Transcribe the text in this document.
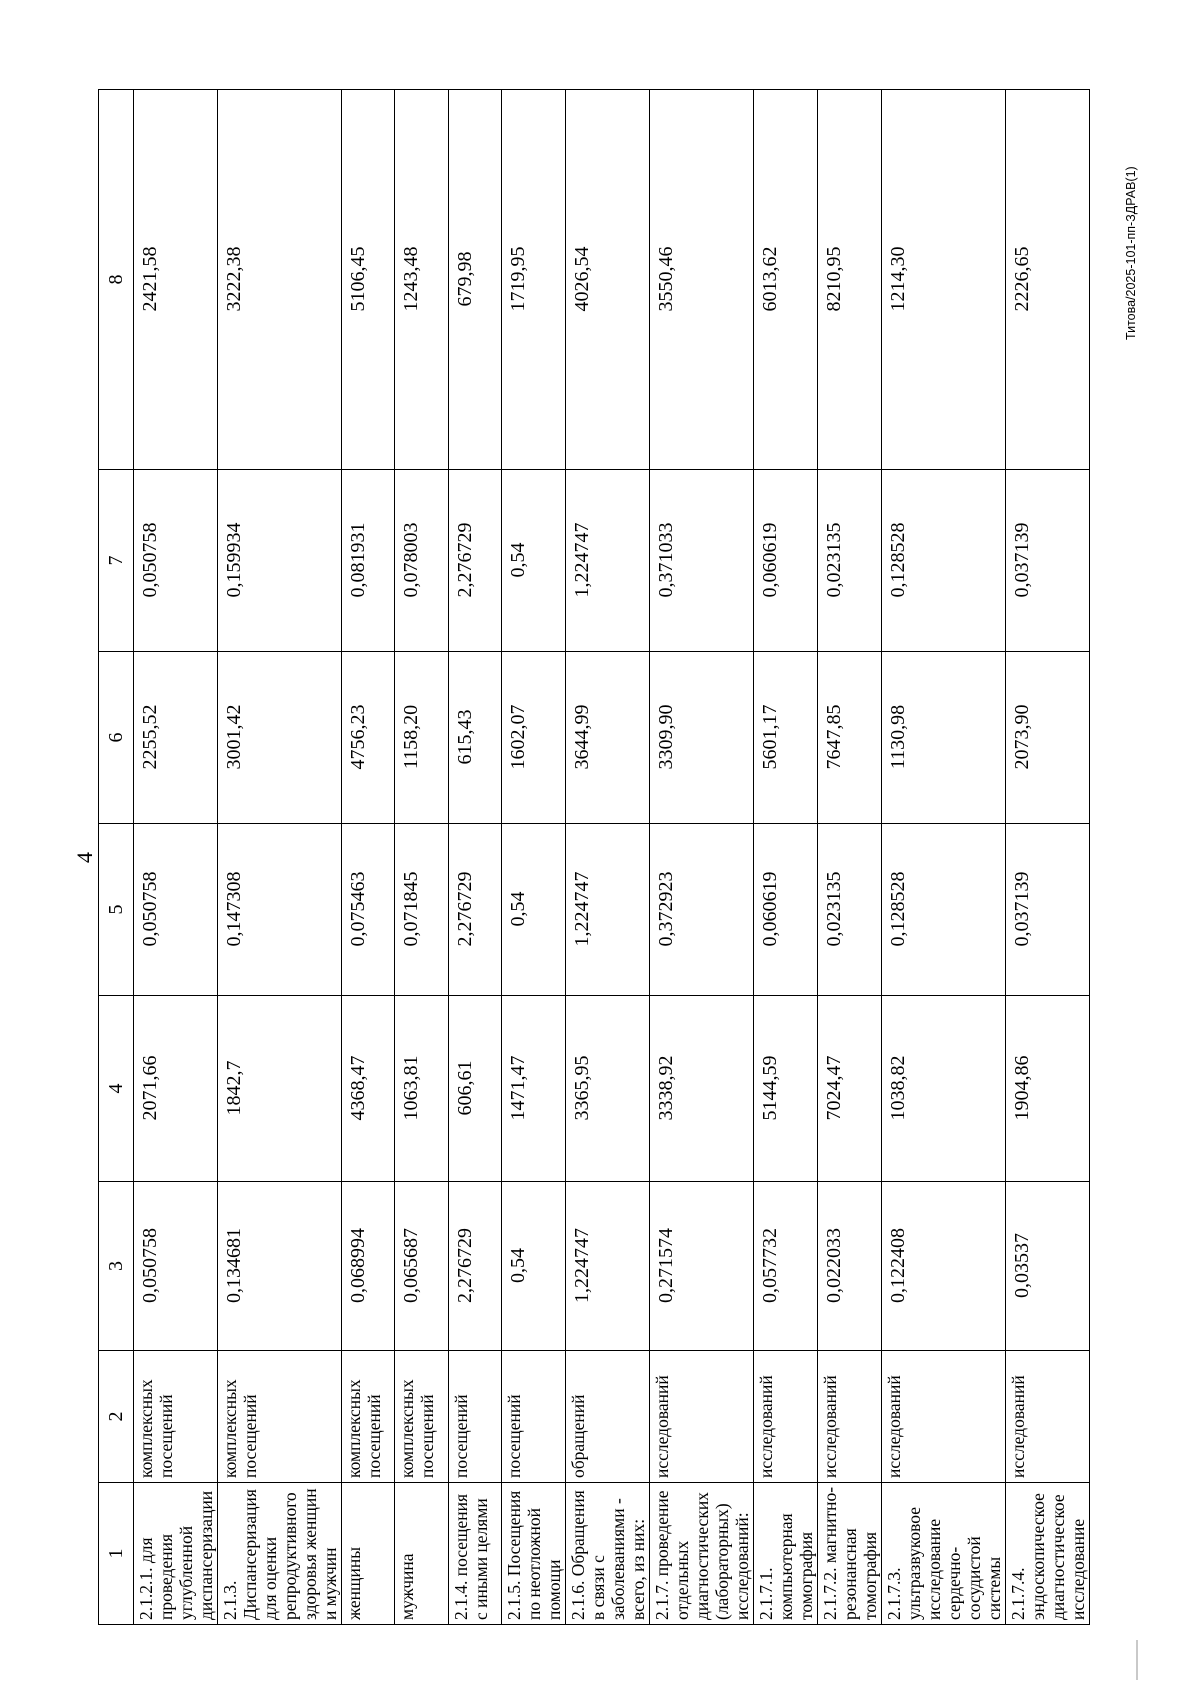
4
1	2	3	4	5	6	7	8
2.1.2.1. для проведения углубленной диспансеризации	комплексных посещений	0,050758	2071,66	0,050758	2255,52	0,050758	2421,58
2.1.3. Диспансеризация для оценки репродуктивного здоровья женщин и мужчин	комплексных посещений	0,134681	1842,7	0,147308	3001,42	0,159934	3222,38
женщины	комплексных посещений	0,068994	4368,47	0,075463	4756,23	0,081931	5106,45
мужчина	комплексных посещений	0,065687	1063,81	0,071845	1158,20	0,078003	1243,48
2.1.4. посещения с иными целями	посещений	2,276729	606,61	2,276729	615,43	2,276729	679,98
2.1.5. Посещения по неотложной помощи	посещений	0,54	1471,47	0,54	1602,07	0,54	1719,95
2.1.6. Обращения в связи с заболеваниями - всего, из них:	обращений	1,224747	3365,95	1,224747	3644,99	1,224747	4026,54
2.1.7. проведение отдельных диагностических (лабораторных) исследований:	исследований	0,271574	3338,92	0,372923	3309,90	0,371033	3550,46
2.1.7.1. компьютерная томография	исследований	0,057732	5144,59	0,060619	5601,17	0,060619	6013,62
2.1.7.2. магнитно-резонансная томография	исследований	0,022033	7024,47	0,023135	7647,85	0,023135	8210,95
2.1.7.3. ультразвуковое исследование сердечно-сосудистой системы	исследований	0,122408	1038,82	0,128528	1130,98	0,128528	1214,30
2.1.7.4. эндоскопическое диагностическое исследование	исследований	0,03537	1904,86	0,037139	2073,90	0,037139	2226,65	Титова/2025-101-пп-ЗДРАВ(1)
